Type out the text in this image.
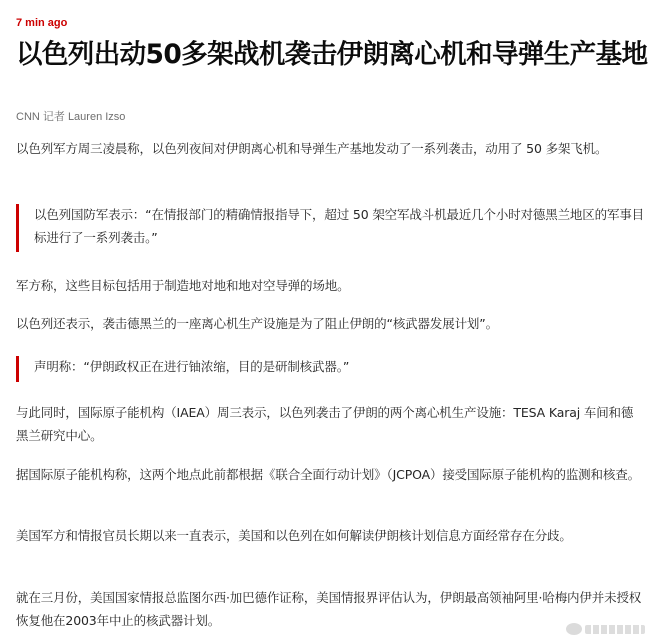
7 min ago
以色列出动50多架战机袭击伊朗离心机和导弹生产基地
CNN 记者 Lauren Izso

以色列军方周三凌晨称，以色列夜间对伊朗离心机和导弹生产基地发动了一系列袭击，动用了 50 多架飞机。

以色列国防军表示：“在情报部门的精确情报指导下，超过 50 架空军战斗机最近几个小时对德黑兰地区的军事目标进行了一系列袭击。”

军方称，这些目标包括用于制造地对地和地对空导弹的场地。

以色列还表示，袭击德黑兰的一座离心机生产设施是为了阻止伊朗的“核武器发展计划”。

声明称：“伊朗政权正在进行铀浓缩，目的是研制核武器。”

与此同时，国际原子能机构（IAEA）周三表示，以色列袭击了伊朗的两个离心机生产设施：TESA Karaj 车间和德黑兰研究中心。

据国际原子能机构称，这两个地点此前都根据《联合全面行动计划》（JCPOA）接受国际原子能机构的监测和核查。

美国军方和情报官员长期以来一直表示，美国和以色列在如何解读伊朗核计划信息方面经常存在分歧。

就在三月份，美国国家情报总监图尔西·加巴德作证称，美国情报界评估认为，伊朗最高领袖阿里·哈梅内伊并未授权恢复他在2003年中止的核武器计划。
